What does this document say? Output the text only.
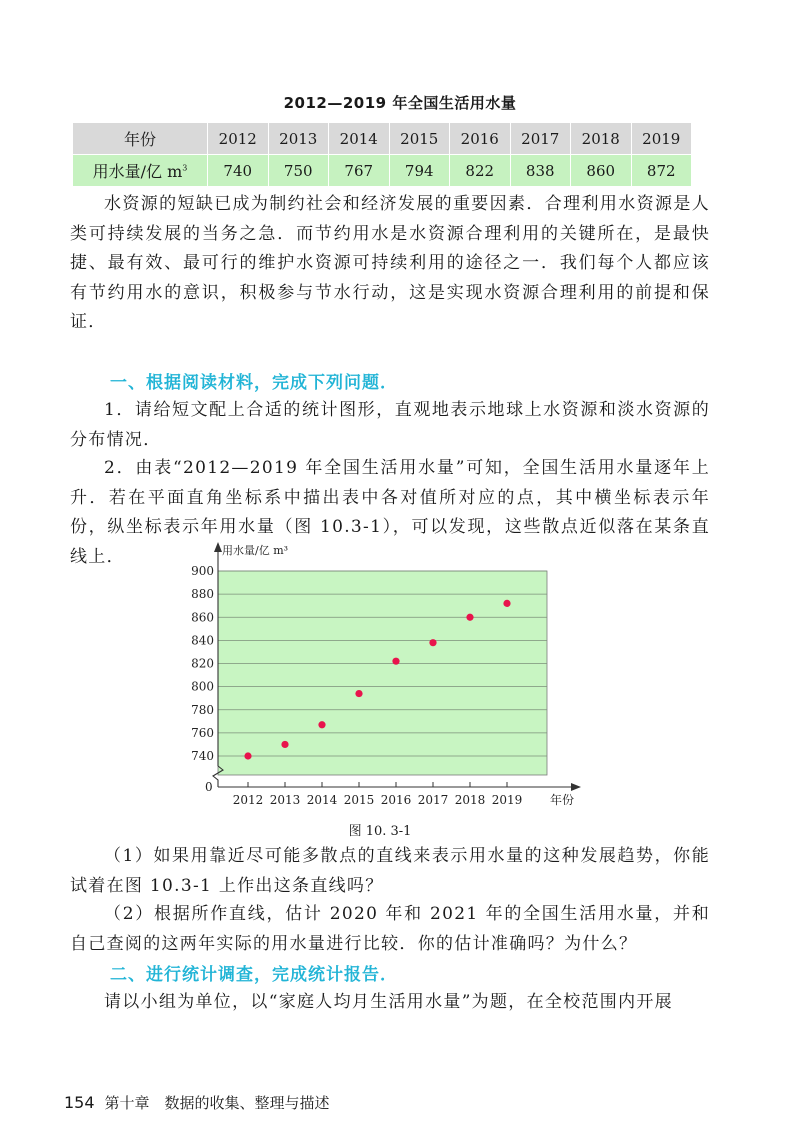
2012—2019 年全国生活用水量
年份	2012	2013	2014	2015	2016	2017	2018	2019
用水量/亿 $m^3$	740	750	767	794	822	838	860	872

水资源的短缺已成为制约社会和经济发展的重要因素．合理利用水资源是人类可持续发展的当务之急．而节约用水是水资源合理利用的关键所在，是最快捷、最有效、最可行的维护水资源可持续利用的途径之一．我们每个人都应该有节约用水的意识，积极参与节水行动，这是实现水资源合理利用的前提和保证．

一、根据阅读材料，完成下列问题．

1．请给短文配上合适的统计图形，直观地表示地球上水资源和淡水资源的分布情况．

2．由表“2012—2019 年全国生活用水量”可知，全国生活用水量逐年上升．若在平面直角坐标系中描出表中各对值所对应的点，其中横坐标表示年份，纵坐标表示年用水量（图 10.3-1），可以发现，这些散点近似落在某条直线上．

740
760
780
800
820
840
860
880
900
2012 2013 2014 2015 2016 2017 2018 2019
0
年份
用水量/亿 m³
图 10. 3-1

（1）如果用靠近尽可能多散点的直线来表示用水量的这种发展趋势，你能试着在图 10.3-1 上作出这条直线吗？

（2）根据所作直线，估计 2020 年和 2021 年的全国生活用水量，并和自己查阅的这两年实际的用水量进行比较．你的估计准确吗？为什么？

二、进行统计调查，完成统计报告．

请以小组为单位，以“家庭人均月生活用水量”为题，在全校范围内开展

154 第十章　数据的收集、整理与描述
